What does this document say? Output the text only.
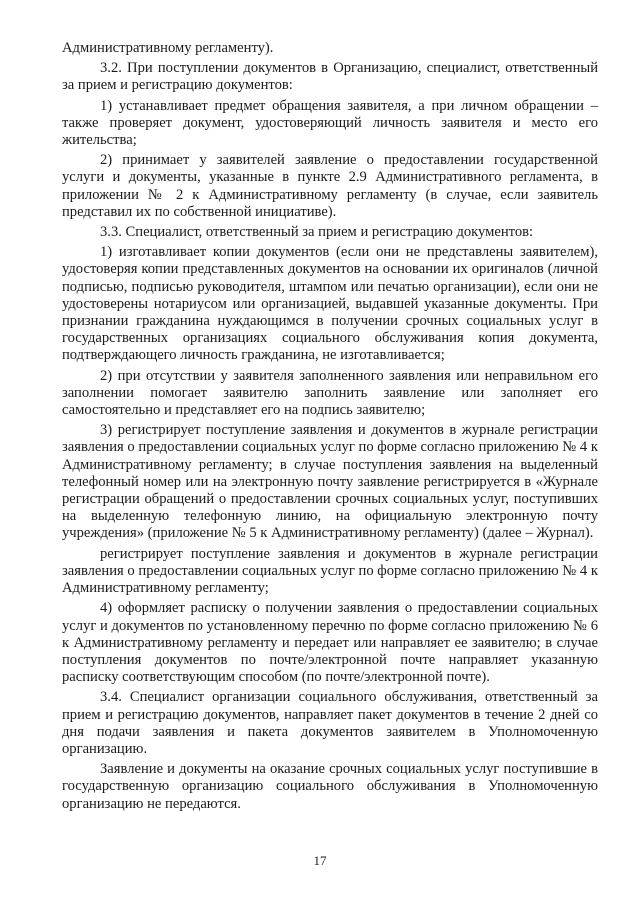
Административному регламенту).

3.2. При поступлении документов в Организацию, специалист, ответственный за прием и регистрацию документов:

1) устанавливает предмет обращения заявителя, а при личном обращении – также проверяет документ, удостоверяющий личность заявителя и место его жительства;

2) принимает у заявителей заявление о предоставлении государственной услуги и документы, указанные в пункте 2.9 Административного регламента, в приложении № 2 к Административному регламенту (в случае, если заявитель представил их по собственной инициативе).

3.3. Специалист, ответственный за прием и регистрацию документов:

1) изготавливает копии документов (если они не представлены заявителем), удостоверяя копии представленных документов на основании их оригиналов (личной подписью, подписью руководителя, штампом или печатью организации), если они не удостоверены нотариусом или организацией, выдавшей указанные документы. При признании гражданина нуждающимся в получении срочных социальных услуг в государственных организациях социального обслуживания копия документа, подтверждающего личность гражданина, не изготавливается;

2) при отсутствии у заявителя заполненного заявления или неправильном его заполнении помогает заявителю заполнить заявление или заполняет его самостоятельно и представляет его на подпись заявителю;

3) регистрирует поступление заявления и документов в журнале регистрации заявления о предоставлении социальных услуг по форме согласно приложению № 4 к Административному регламенту; в случае поступления заявления на выделенный телефонный номер или на электронную почту заявление регистрируется в «Журнале регистрации обращений о предоставлении срочных социальных услуг, поступивших на выделенную телефонную линию, на официальную электронную почту учреждения» (приложение № 5 к Административному регламенту) (далее – Журнал).

регистрирует поступление заявления и документов в журнале регистрации заявления о предоставлении социальных услуг по форме согласно приложению № 4 к Административному регламенту;

4) оформляет расписку о получении заявления о предоставлении социальных услуг и документов по установленному перечню по форме согласно приложению № 6 к Административному регламенту и передает или направляет ее заявителю; в случае поступления документов по почте/электронной почте направляет указанную расписку соответствующим способом (по почте/электронной почте).

3.4. Специалист организации социального обслуживания, ответственный за прием и регистрацию документов, направляет пакет документов в течение 2 дней со дня подачи заявления и пакета документов заявителем в Уполномоченную организацию.

Заявление и документы на оказание срочных социальных услуг поступившие в государственную организацию социального обслуживания в Уполномоченную организацию не передаются.

17
